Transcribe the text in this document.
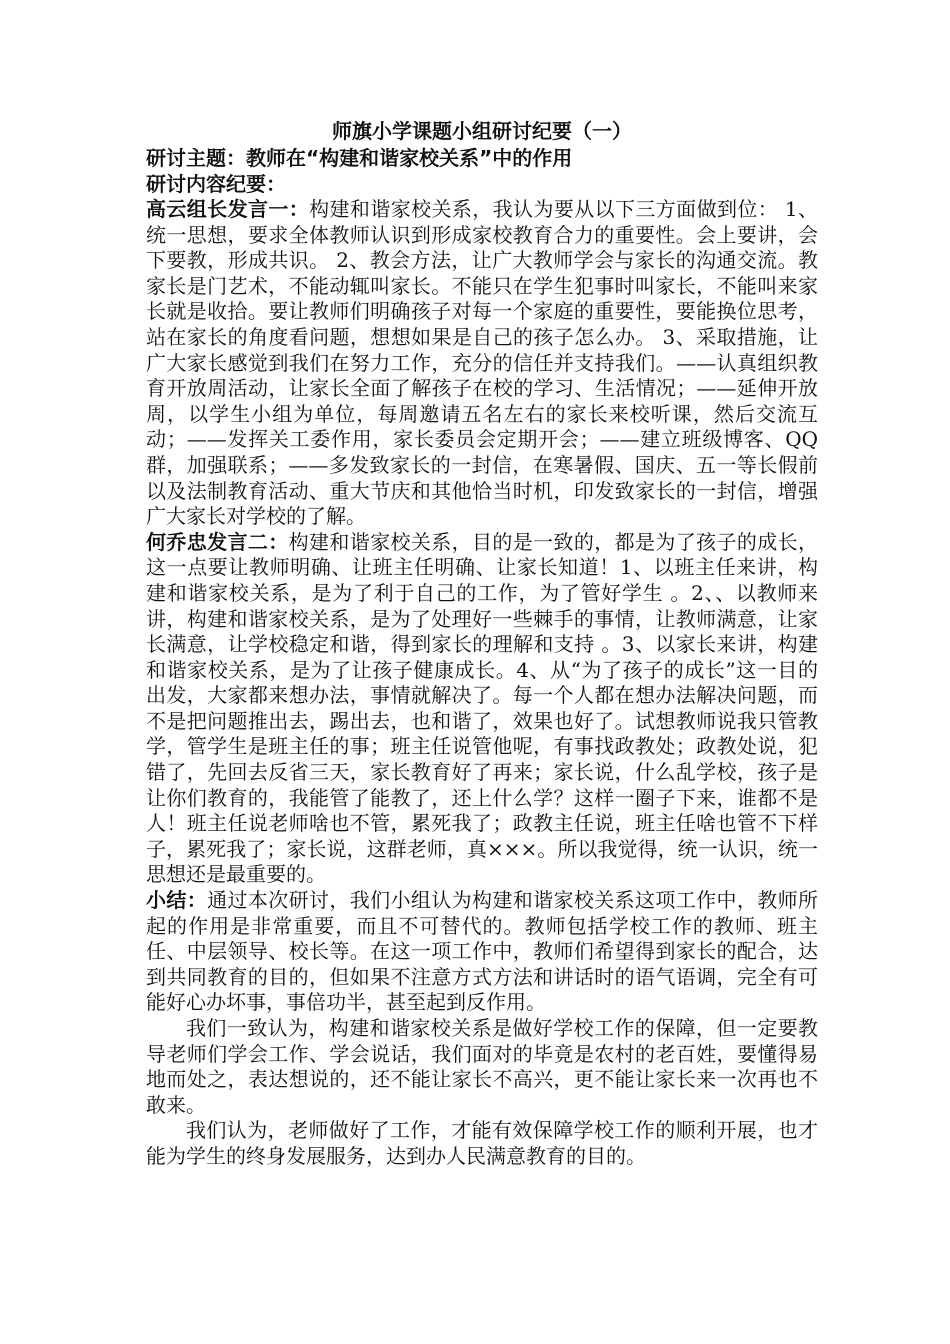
师旗小学课题小组研讨纪要（一）

研讨主题：教师在“构建和谐家校关系”中的作用

研讨内容纪要：

高云组长发言一：构建和谐家校关系，我认为要从以下三方面做到位： 1、统一思想，要求全体教师认识到形成家校教育合力的重要性。会上要讲，会下要教，形成共识。 2、教会方法，让广大教师学会与家长的沟通交流。教家长是门艺术，不能动辄叫家长。不能只在学生犯事时叫家长，不能叫来家长就是收拾。要让教师们明确孩子对每一个家庭的重要性，要能换位思考，站在家长的角度看问题，想想如果是自己的孩子怎么办。 3、采取措施，让广大家长感觉到我们在努力工作，充分的信任并支持我们。——认真组织教育开放周活动，让家长全面了解孩子在校的学习、生活情况；——延伸开放周，以学生小组为单位，每周邀请五名左右的家长来校听课，然后交流互动；——发挥关工委作用，家长委员会定期开会；——建立班级博客、QQ群，加强联系；——多发致家长的一封信，在寒暑假、国庆、五一等长假前以及法制教育活动、重大节庆和其他恰当时机，印发致家长的一封信，增强广大家长对学校的了解。

何乔忠发言二：构建和谐家校关系，目的是一致的，都是为了孩子的成长，这一点要让教师明确、让班主任明确、让家长知道！1、以班主任来讲，构建和谐家校关系，是为了利于自己的工作，为了管好学生 。2、、以教师来讲，构建和谐家校关系，是为了处理好一些棘手的事情，让教师满意，让家长满意，让学校稳定和谐，得到家长的理解和支持 。3、以家长来讲，构建和谐家校关系，是为了让孩子健康成长。4、从“为了孩子的成长”这一目的出发，大家都来想办法，事情就解决了。每一个人都在想办法解决问题，而不是把问题推出去，踢出去，也和谐了，效果也好了。试想教师说我只管教学，管学生是班主任的事；班主任说管他呢，有事找政教处；政教处说，犯错了，先回去反省三天，家长教育好了再来；家长说，什么乱学校，孩子是让你们教育的，我能管了能教了，还上什么学？这样一圈子下来，谁都不是人！班主任说老师啥也不管，累死我了；政教主任说，班主任啥也管不下样子，累死我了；家长说，这群老师，真×××。所以我觉得，统一认识，统一思想还是最重要的。

小结：通过本次研讨，我们小组认为构建和谐家校关系这项工作中，教师所起的作用是非常重要，而且不可替代的。教师包括学校工作的教师、班主任、中层领导、校长等。在这一项工作中，教师们希望得到家长的配合，达到共同教育的目的，但如果不注意方式方法和讲话时的语气语调，完全有可能好心办坏事，事倍功半，甚至起到反作用。

我们一致认为，构建和谐家校关系是做好学校工作的保障，但一定要教导老师们学会工作、学会说话，我们面对的毕竟是农村的老百姓，要懂得易地而处之，表达想说的，还不能让家长不高兴，更不能让家长来一次再也不敢来。

我们认为，老师做好了工作，才能有效保障学校工作的顺利开展，也才能为学生的终身发展服务，达到办人民满意教育的目的。
